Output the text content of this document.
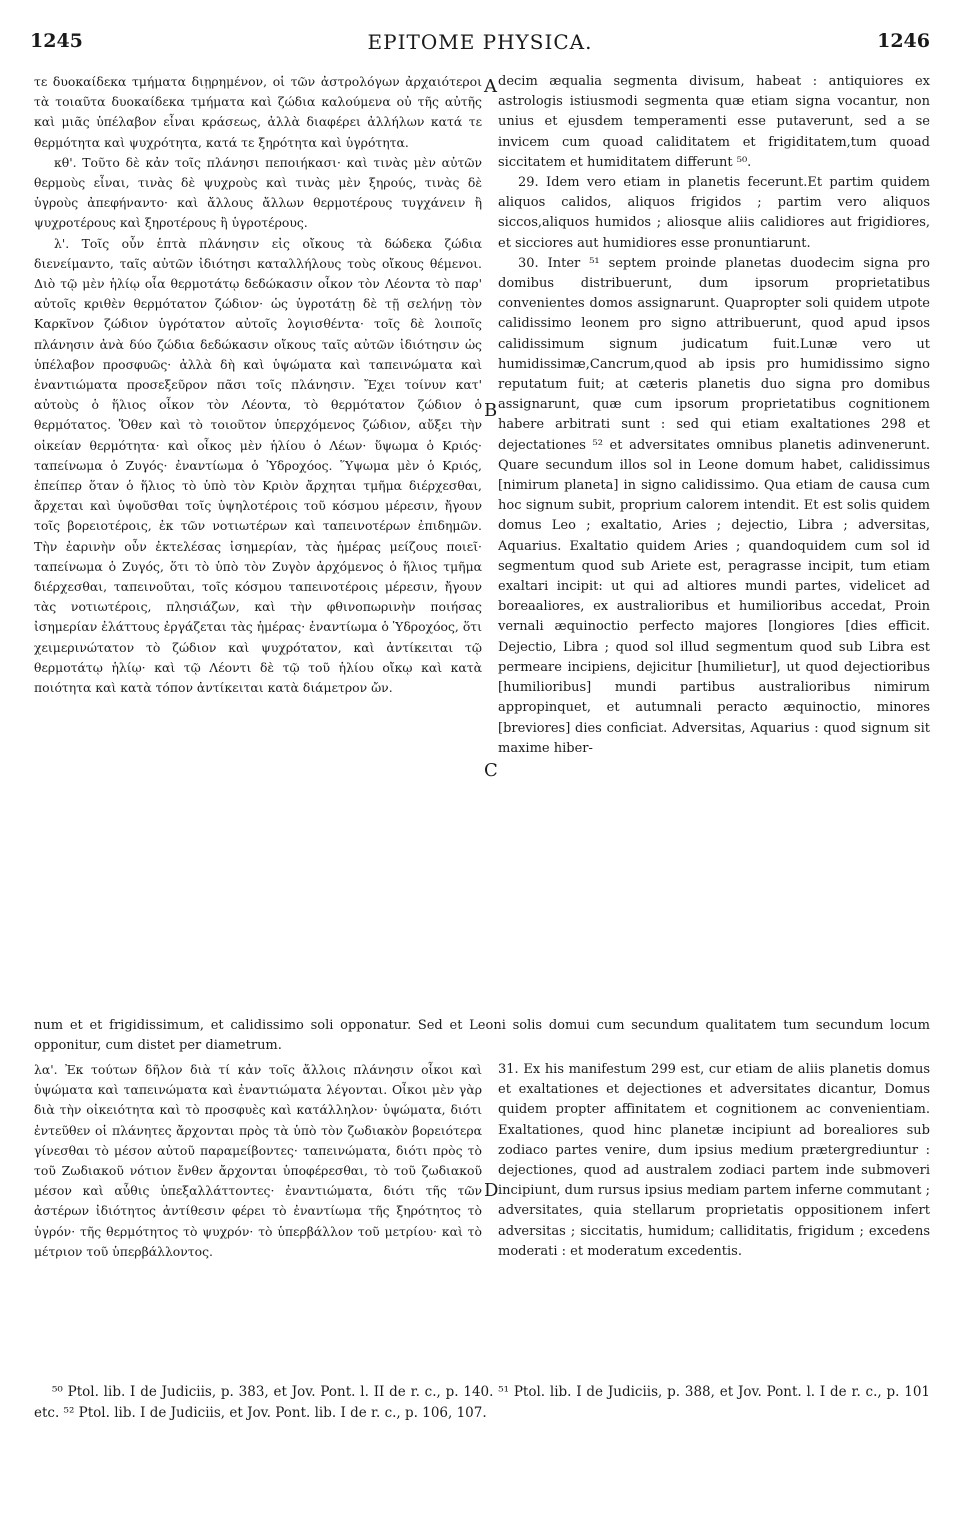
1245	EPITOME PHYSICA.	1246

τε δυοκαίδεκα τμήματα διῃρημένον, οἱ τῶν ἀστρολόγων ἀρχαιότεροι τὰ τοιαῦτα δυοκαίδεκα τμήματα καὶ ζώδια καλούμενα οὐ τῆς αὐτῆς καὶ μιᾶς ὑπέλαβον εἶναι κράσεως, ἀλλὰ διαφέρει ἀλλήλων κατά τε θερμότητα καὶ ψυχρότητα, κατά τε ξηρότητα καὶ ὑγρότητα.

κθ'. Τοῦτο δὲ κἀν τοῖς πλάνησι πεποιήκασι· καὶ τινὰς μὲν αὐτῶν θερμοὺς εἶναι, τινὰς δὲ ψυχροὺς καὶ τινὰς μὲν ξηρούς, τινὰς δὲ ὑγροὺς ἀπεφήναντο· καὶ ἄλλους ἄλλων θερμοτέρους τυγχάνειν ἢ ψυχροτέρους καὶ ξηροτέρους ἢ ὑγροτέρους.

λ'. Τοῖς οὖν ἑπτὰ πλάνησιν εἰς οἴκους τὰ δώδεκα ζώδια διενείμαντο, ταῖς αὐτῶν ἰδιότησι καταλλήλους τοὺς οἴκους θέμενοι. Διὸ τῷ μὲν ἡλίῳ οἷα θερμοτάτῳ δεδώκασιν οἶκον τὸν Λέοντα τὸ παρ' αὐτοῖς κριθὲν θερμότατον ζώδιον· ὡς ὑγροτάτῃ δὲ τῇ σελήνῃ τὸν Καρκῖνον ζώδιον ὑγρότατον αὐτοῖς λογισθέντα· τοῖς δὲ λοιποῖς πλάνησιν ἀνὰ δύο ζώδια δεδώκασιν οἴκους ταῖς αὐτῶν ἰδιότησιν ὡς ὑπέλαβον προσφυῶς· ἀλλὰ δὴ καὶ ὑψώματα καὶ ταπεινώματα καὶ ἐναντιώματα προσεξεῦρον πᾶσι τοῖς πλάνησιν. Ἔχει τοίνυν κατ' αὐτοὺς ὁ ἥλιος οἶκον τὸν Λέοντα, τὸ θερμότατον ζώδιον ὁ θερμότατος. Ὅθεν καὶ τὸ τοιοῦτον ὑπερχόμενος ζώδιον, αὔξει τὴν οἰκείαν θερμότητα· καὶ οἶκος μὲν ἡλίου ὁ Λέων· ὕψωμα ὁ Κριός· ταπείνωμα ὁ Ζυγός· ἐναντίωμα ὁ Ὑδροχόος. Ὕψωμα μὲν ὁ Κριός, ἐπείπερ ὅταν ὁ ἥλιος τὸ ὑπὸ τὸν Κριὸν ἄρχηται τμῆμα διέρχεσθαι, ἄρχεται καὶ ὑψοῦσθαι τοῖς ὑψηλοτέροις τοῦ κόσμου μέρεσιν, ἤγουν τοῖς βορειοτέροις, ἐκ τῶν νοτιωτέρων καὶ ταπεινοτέρων ἐπιδημῶν. Τὴν ἐαρινὴν οὖν ἐκτελέσας ἰσημερίαν, τὰς ἡμέρας μείζους ποιεῖ· ταπείνωμα ὁ Ζυγός, ὅτι τὸ ὑπὸ τὸν Ζυγὸν ἀρχόμενος ὁ ἥλιος τμῆμα διέρχεσθαι, ταπεινοῦται, τοῖς κόσμου ταπεινοτέροις μέρεσιν, ἤγουν τὰς νοτιωτέροις, πλησιάζων, καὶ τὴν φθινοπωρινὴν ποιήσας ἰσημερίαν ἐλάττους ἐργάζεται τὰς ἡμέρας· ἐναντίωμα ὁ Ὑδροχόος, ὅτι χειμερινώτατον τὸ ζώδιον καὶ ψυχρότατον, καὶ ἀντίκειται τῷ θερμοτάτῳ ἡλίῳ· καὶ τῷ Λέοντι δὲ τῷ τοῦ ἡλίου οἴκῳ καὶ κατὰ ποιότητα καὶ κατὰ τόπον ἀντίκειται κατὰ διάμετρον ὤν.

A
B
C
D

decim æqualia segmenta divisum, habeat : antiquiores ex astrologis istiusmodi segmenta quæ etiam signa vocantur, non unius et ejusdem temperamenti esse putaverunt, sed a se invicem cum quoad caliditatem et frigiditatem,tum quoad siccitatem et humiditatem differunt ⁵⁰.

29. Idem vero etiam in planetis fecerunt.Et partim quidem aliquos calidos, aliquos frigidos ; partim vero aliquos siccos,aliquos humidos ; aliosque aliis calidiores aut frigidiores, et sicciores aut humidiores esse pronuntiarunt.

30. Inter ⁵¹ septem proinde planetas duodecim signa pro domibus distribuerunt, dum ipsorum proprietatibus convenientes domos assignarunt. Quapropter soli quidem utpote calidissimo leonem pro signo attribuerunt, quod apud ipsos calidissimum signum judicatum fuit.Lunæ vero ut humidissimæ,Cancrum,quod ab ipsis pro humidissimo signo reputatum fuit; at cæteris planetis duo signa pro domibus assignarunt, quæ cum ipsorum proprietatibus cognitionem habere arbitrati sunt : sed qui etiam exaltationes 298 et dejectationes ⁵² et adversitates omnibus planetis adinvenerunt. Quare secundum illos sol in Leone domum habet, calidissimus [nimirum planeta] in signo calidissimo. Qua etiam de causa cum hoc signum subit, proprium calorem intendit. Et est solis quidem domus Leo ; exaltatio, Aries ; dejectio, Libra ; adversitas, Aquarius. Exaltatio quidem Aries ; quandoquidem cum sol id segmentum quod sub Ariete est, peragrasse incipit, tum etiam exaltari incipit: ut qui ad altiores mundi partes, videlicet ad boreaaliores, ex australioribus et humilioribus accedat, Proin vernali æquinoctio perfecto majores [longiores [dies efficit. Dejectio, Libra ; quod sol illud segmentum quod sub Libra est permeare incipiens, dejicitur [humilietur], ut quod dejectioribus [humilioribus] mundi partibus australioribus nimirum appropinquet, et autumnali peracto æquinoctio, minores [breviores] dies conficiat. Adversitas, Aquarius : quod signum sit maxime hiber-

num et et frigidissimum, et calidissimo soli opponatur. Sed et Leoni solis domui cum secundum qualitatem tum secundum locum opponitur, cum distet per diametrum.

λα'. Ἐκ τούτων δῆλον διὰ τί κἀν τοῖς ἄλλοις πλάνησιν οἶκοι καὶ ὑψώματα καὶ ταπεινώματα καὶ ἐναντιώματα λέγονται. Οἶκοι μὲν γὰρ διὰ τὴν οἰκειότητα καὶ τὸ προσφυὲς καὶ κατάλληλον· ὑψώματα, διότι ἐντεῦθεν οἱ πλάνητες ἄρχονται πρὸς τὰ ὑπὸ τὸν ζωδιακὸν βορειότερα γίνεσθαι τὸ μέσον αὐτοῦ παραμείβοντες· ταπεινώματα, διότι πρὸς τὸ τοῦ Ζωδιακοῦ νότιον ἔνθεν ἄρχονται ὑποφέρεσθαι, τὸ τοῦ ζωδιακοῦ μέσον καὶ αὖθις ὑπεξαλλάττοντες· ἐναντιώματα, διότι τῆς τῶν ἀστέρων ἰδιότητος ἀντίθεσιν φέρει τὸ ἐναντίωμα τῆς ξηρότητος τὸ ὑγρόν· τῆς θερμότητος τὸ ψυχρόν· τὸ ὑπερβάλλον τοῦ μετρίου· καὶ τὸ μέτριον τοῦ ὑπερβάλλοντος.

31. Ex his manifestum 299 est, cur etiam de aliis planetis domus et exaltationes et dejectiones et adversitates dicantur, Domus quidem propter affinitatem et cognitionem ac convenientiam. Exaltationes, quod hinc planetæ incipiunt ad borealiores sub zodiaco partes venire, dum ipsius medium prætergrediuntur : dejectiones, quod ad australem zodiaci partem inde submoveri incipiunt, dum rursus ipsius mediam partem inferne commutant ; adversitates, quia stellarum proprietatis oppositionem infert adversitas ; siccitatis, humidum; calliditatis, frigidum ; excedens moderati : et moderatum excedentis.

⁵⁰ Ptol. lib. I de Judiciis, p. 383, et Jov. Pont. l. II de r. c., p. 140. ⁵¹ Ptol. lib. I de Judiciis, p. 388, et Jov. Pont. l. I de r. c., p. 101 etc. ⁵² Ptol. lib. I de Judiciis, et Jov. Pont. lib. I de r. c., p. 106, 107.
